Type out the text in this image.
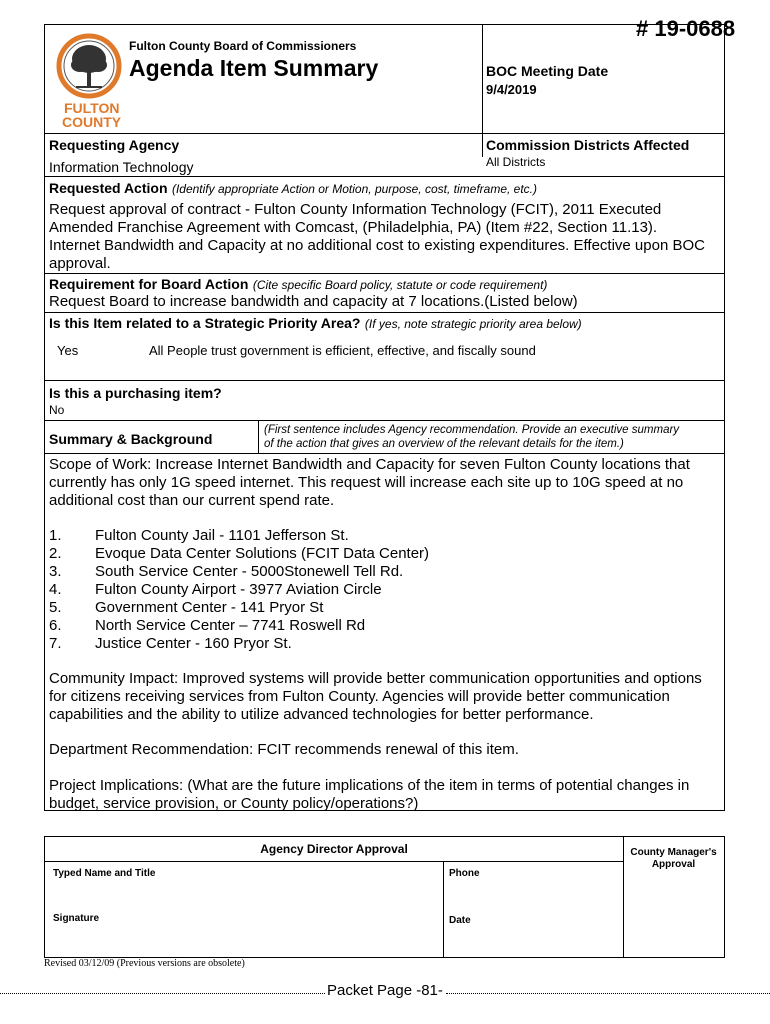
# 19-0688
FULTON
COUNTY
Fulton County Board of Commissioners
Agenda Item Summary	BOC Meeting Date
9/4/2019
Requesting Agency
Information Technology
Commission Districts Affected
All Districts
Requested Action (Identify appropriate Action or Motion, purpose, cost, timeframe, etc.)
Request approval of contract - Fulton County Information Technology (FCIT), 2011 Executed
Amended Franchise Agreement with Comcast, (Philadelphia, PA) (Item #22, Section 11.13).
Internet Bandwidth and Capacity at no additional cost to existing expenditures. Effective upon BOC
approval.
Requirement for Board Action (Cite specific Board policy, statute or code requirement)
Request Board to increase bandwidth and capacity at 7 locations.(Listed below)
Is this Item related to a Strategic Priority Area? (If yes, note strategic priority area below)
Yes	All People trust government is efficient, effective, and fiscally sound
Is this a purchasing item?
No
Summary & Background
(First sentence includes Agency recommendation. Provide an executive summary
of the action that gives an overview of the relevant details for the item.)
Scope of Work: Increase Internet Bandwidth and Capacity for seven Fulton County locations that
currently has only 1G speed internet. This request will increase each site up to 10G speed at no
additional cost than our current spend rate.
1. Fulton County Jail - 1101 Jefferson St.
2. Evoque Data Center Solutions (FCIT Data Center)
3. South Service Center - 5000Stonewell Tell Rd.
4. Fulton County Airport - 3977 Aviation Circle
5. Government Center - 141 Pryor St
6. North Service Center – 7741 Roswell Rd
7. Justice Center - 160 Pryor St.
Community Impact: Improved systems will provide better communication opportunities and options
for citizens receiving services from Fulton County. Agencies will provide better communication
capabilities and the ability to utilize advanced technologies for better performance.
Department Recommendation: FCIT recommends renewal of this item.
Project Implications: (What are the future implications of the item in terms of potential changes in
budget, service provision, or County policy/operations?)
Agency Director Approval
Typed Name and Title	Phone
Signature	Date
County Manager's
Approval
Revised 03/12/09 (Previous versions are obsolete)
Packet Page -81-
